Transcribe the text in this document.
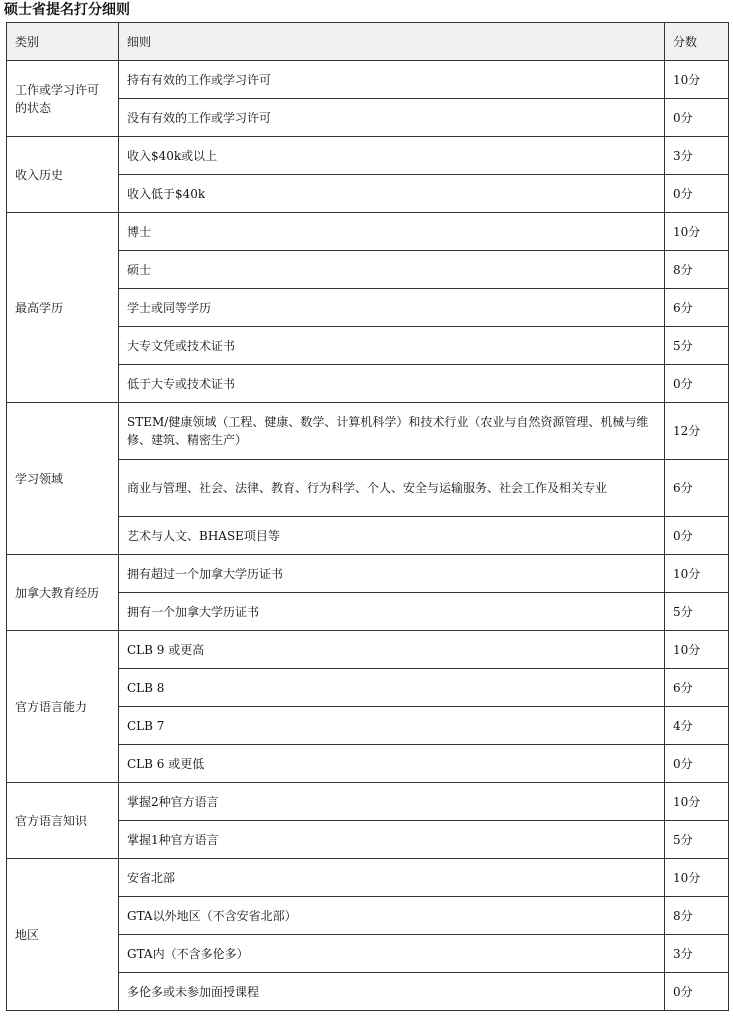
硕士省提名打分细则
类别	细则	分数
工作或学习许可的状态	持有有效的工作或学习许可	10分
	没有有效的工作或学习许可	0分
收入历史	收入$40k或以上	3分
	收入低于$40k	0分
最高学历	博士	10分
	硕士	8分
	学士或同等学历	6分
	大专文凭或技术证书	5分
	低于大专或技术证书	0分
学习领域	STEM/健康领域（工程、健康、数学、计算机科学）和技术行业（农业与自然资源管理、机械与维修、建筑、精密生产）	12分
	商业与管理、社会、法律、教育、行为科学、个人、安全与运输服务、社会工作及相关专业	6分
	艺术与人文、BHASE项目等	0分
加拿大教育经历	拥有超过一个加拿大学历证书	10分
	拥有一个加拿大学历证书	5分
官方语言能力	CLB 9 或更高	10分
	CLB 8	6分
	CLB 7	4分
	CLB 6 或更低	0分
官方语言知识	掌握2种官方语言	10分
	掌握1种官方语言	5分
地区	安省北部	10分
	GTA以外地区（不含安省北部）	8分
	GTA内（不含多伦多）	3分
	多伦多或未参加面授课程	0分
